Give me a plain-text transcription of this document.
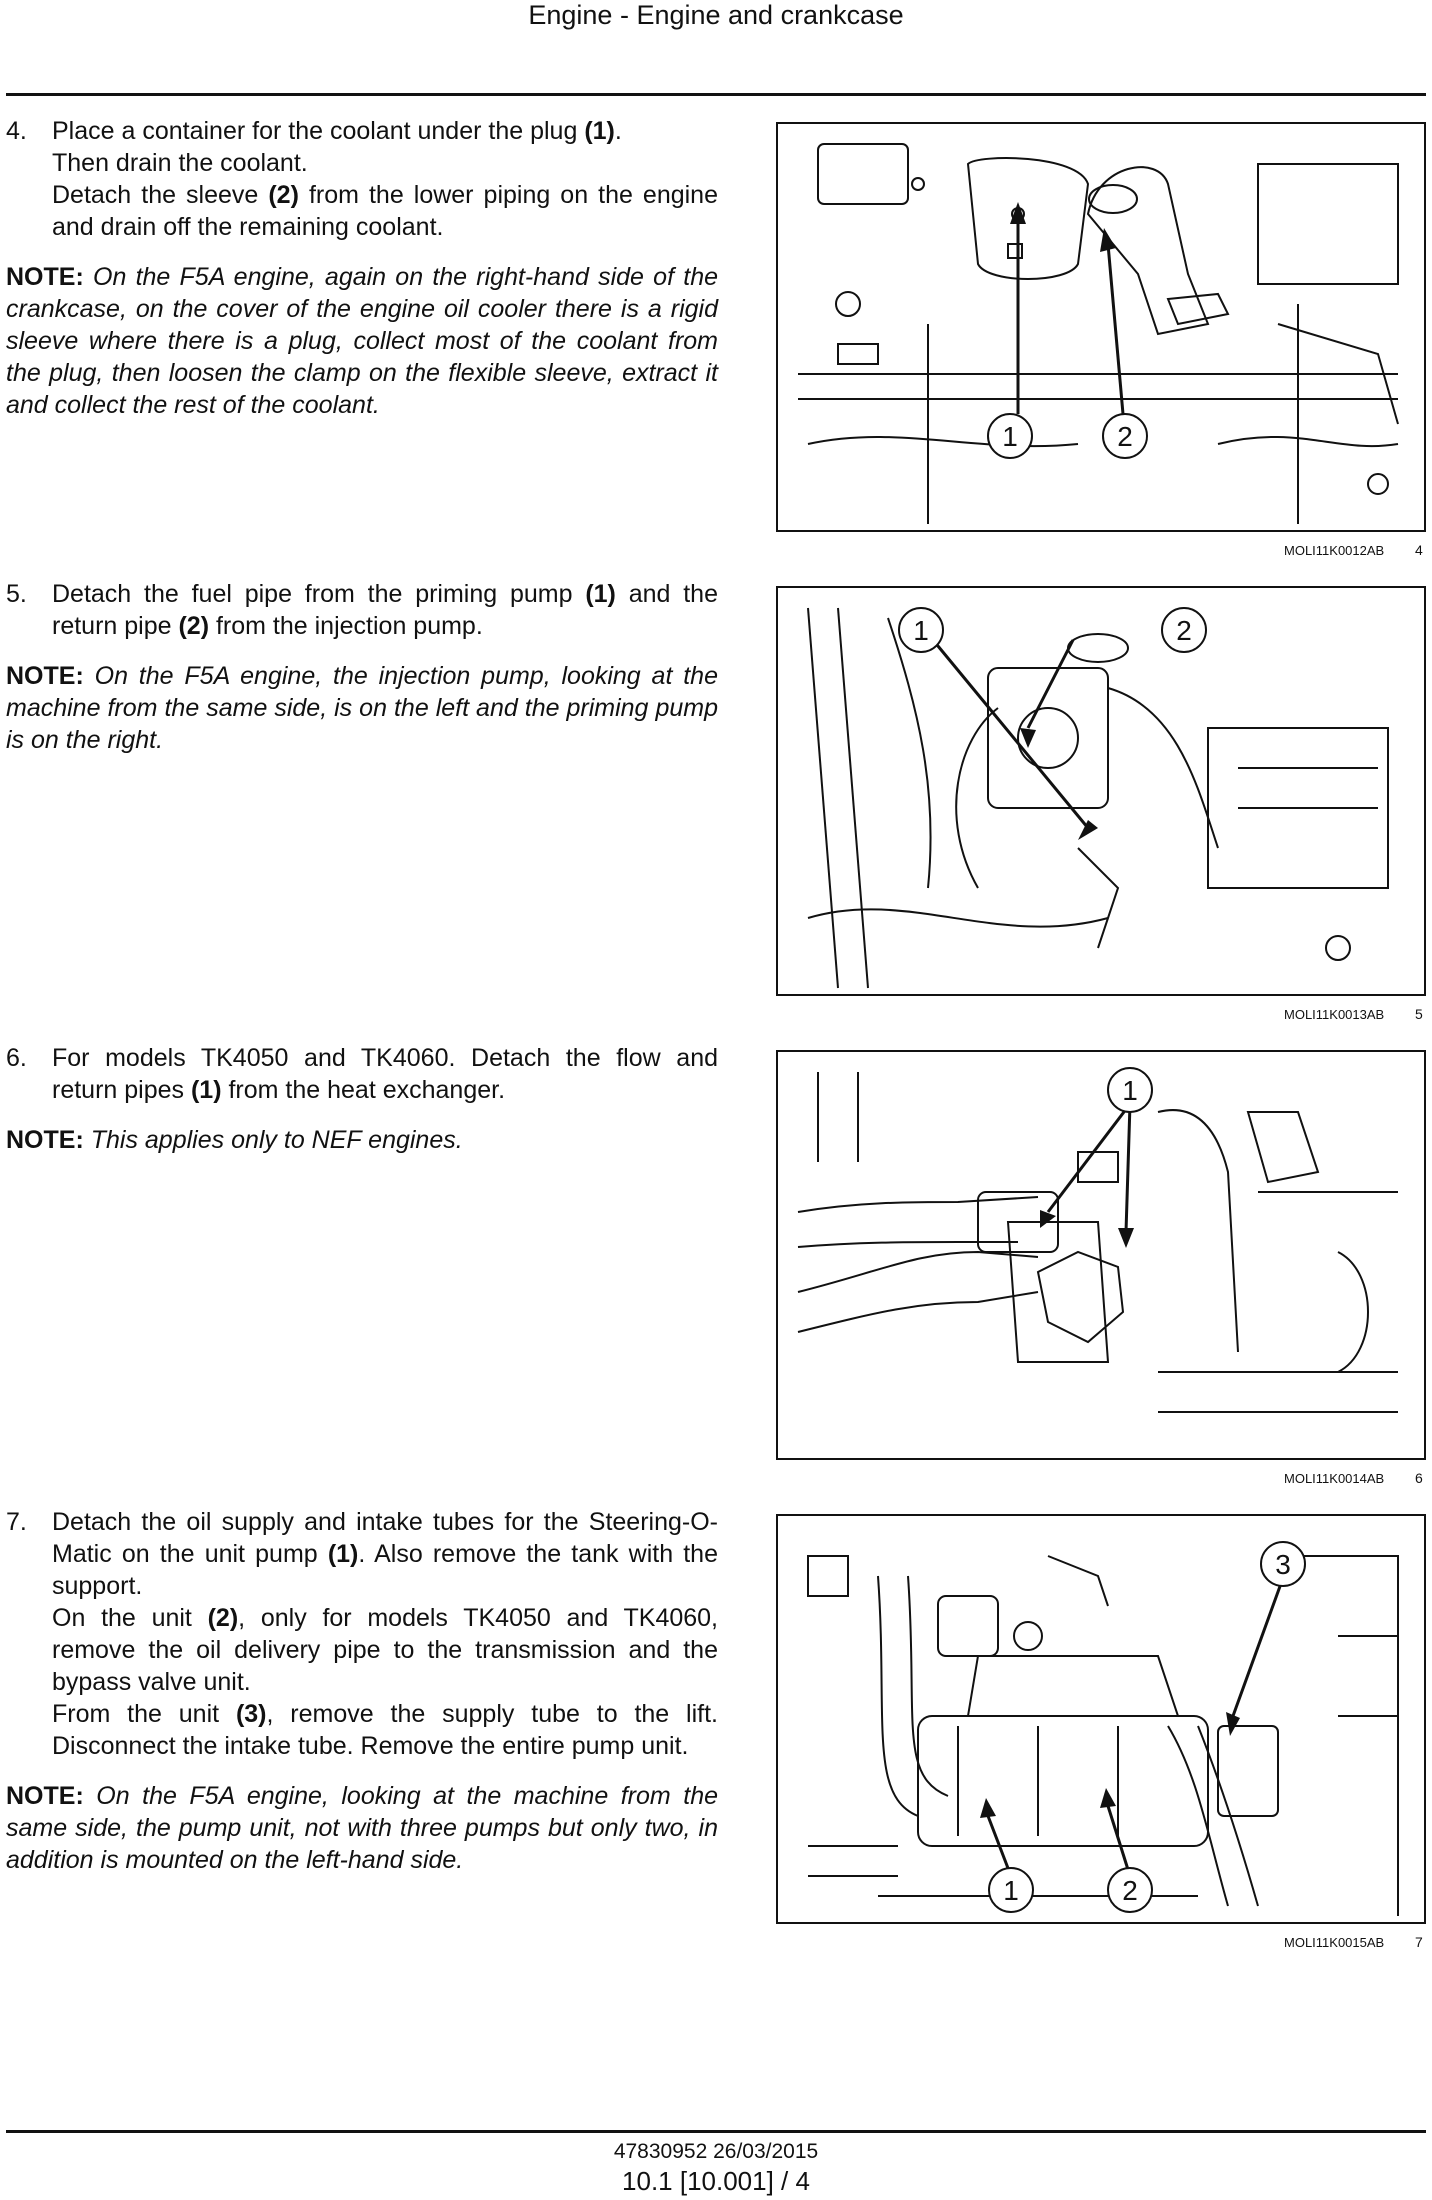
Engine - Engine and crankcase
4.	Place a container for the coolant under the plug (1).
Then drain the coolant.
Detach the sleeve (2) from the lower piping on the engine and drain off the remaining coolant.
NOTE: On the F5A engine, again on the right-hand side of the crankcase, on the cover of the engine oil cooler there is a rigid sleeve where there is a plug, collect most of the coolant from the plug, then loosen the clamp on the flexible sleeve, extract it and collect the rest of the coolant.
5.	Detach the fuel pipe from the priming pump (1) and the return pipe (2) from the injection pump.
NOTE: On the F5A engine, the injection pump, looking at the machine from the same side, is on the left and the priming pump is on the right.
6.	For models TK4050 and TK4060. Detach the flow and return pipes (1) from the heat exchanger.
NOTE: This applies only to NEF engines.
7.	Detach the oil supply and intake tubes for the Steering-O-Matic on the unit pump (1). Also remove the tank with the support.
On the unit (2), only for models TK4050 and TK4060, remove the oil delivery pipe to the transmission and the bypass valve unit.
From the unit (3), remove the supply tube to the lift. Disconnect the intake tube. Remove the entire pump unit.
NOTE: On the F5A engine, looking at the machine from the same side, the pump unit, not with three pumps but only two, in addition is mounted on the left-hand side.
1	2
MOLI11K0012AB 4
1	2
MOLI11K0013AB 5
1
MOLI11K0014AB 6
1	2
3
MOLI11K0015AB 7
47830952 26/03/2015
10.1 [10.001] / 4
